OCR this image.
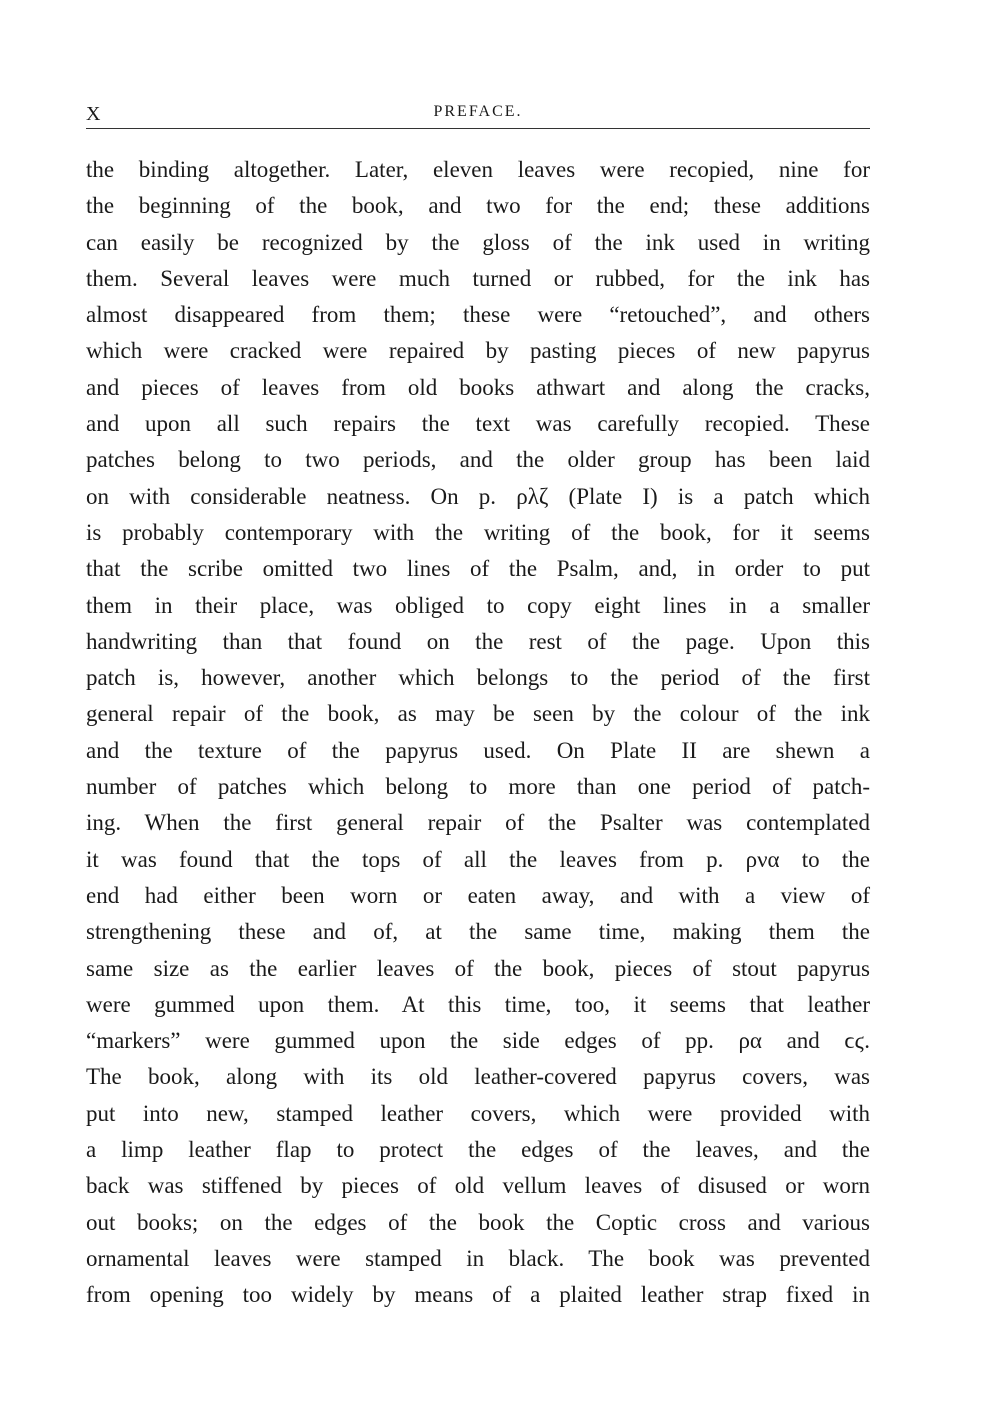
X	PREFACE.
the binding altogether. Later, eleven leaves were recopied, nine for
the beginning of the book, and two for the end; these additions
can easily be recognized by the gloss of the ink used in writing
them. Several leaves were much turned or rubbed, for the ink has
almost disappeared from them; these were “retouched”, and others
which were cracked were repaired by pasting pieces of new papyrus
and pieces of leaves from old books athwart and along the cracks,
and upon all such repairs the text was carefully recopied. These
patches belong to two periods, and the older group has been laid
on with considerable neatness. On p. ρλζ (Plate I) is a patch which
is probably contemporary with the writing of the book, for it seems
that the scribe omitted two lines of the Psalm, and, in order to put
them in their place, was obliged to copy eight lines in a smaller
handwriting than that found on the rest of the page. Upon this
patch is, however, another which belongs to the period of the first
general repair of the book, as may be seen by the colour of the ink
and the texture of the papyrus used. On Plate II are shewn a
number of patches which belong to more than one period of patch-
ing. When the first general repair of the Psalter was contemplated
it was found that the tops of all the leaves from p. ρνα to the
end had either been worn or eaten away, and with a view of
strengthening these and of, at the same time, making them the
same size as the earlier leaves of the book, pieces of stout papyrus
were gummed upon them. At this time, too, it seems that leather
“markers” were gummed upon the side edges of pp. ρα and ϲϛ.
The book, along with its old leather-covered papyrus covers, was
put into new, stamped leather covers, which were provided with
a limp leather flap to protect the edges of the leaves, and the
back was stiffened by pieces of old vellum leaves of disused or worn
out books; on the edges of the book the Coptic cross and various
ornamental leaves were stamped in black. The book was prevented
from opening too widely by means of a plaited leather strap fixed in
